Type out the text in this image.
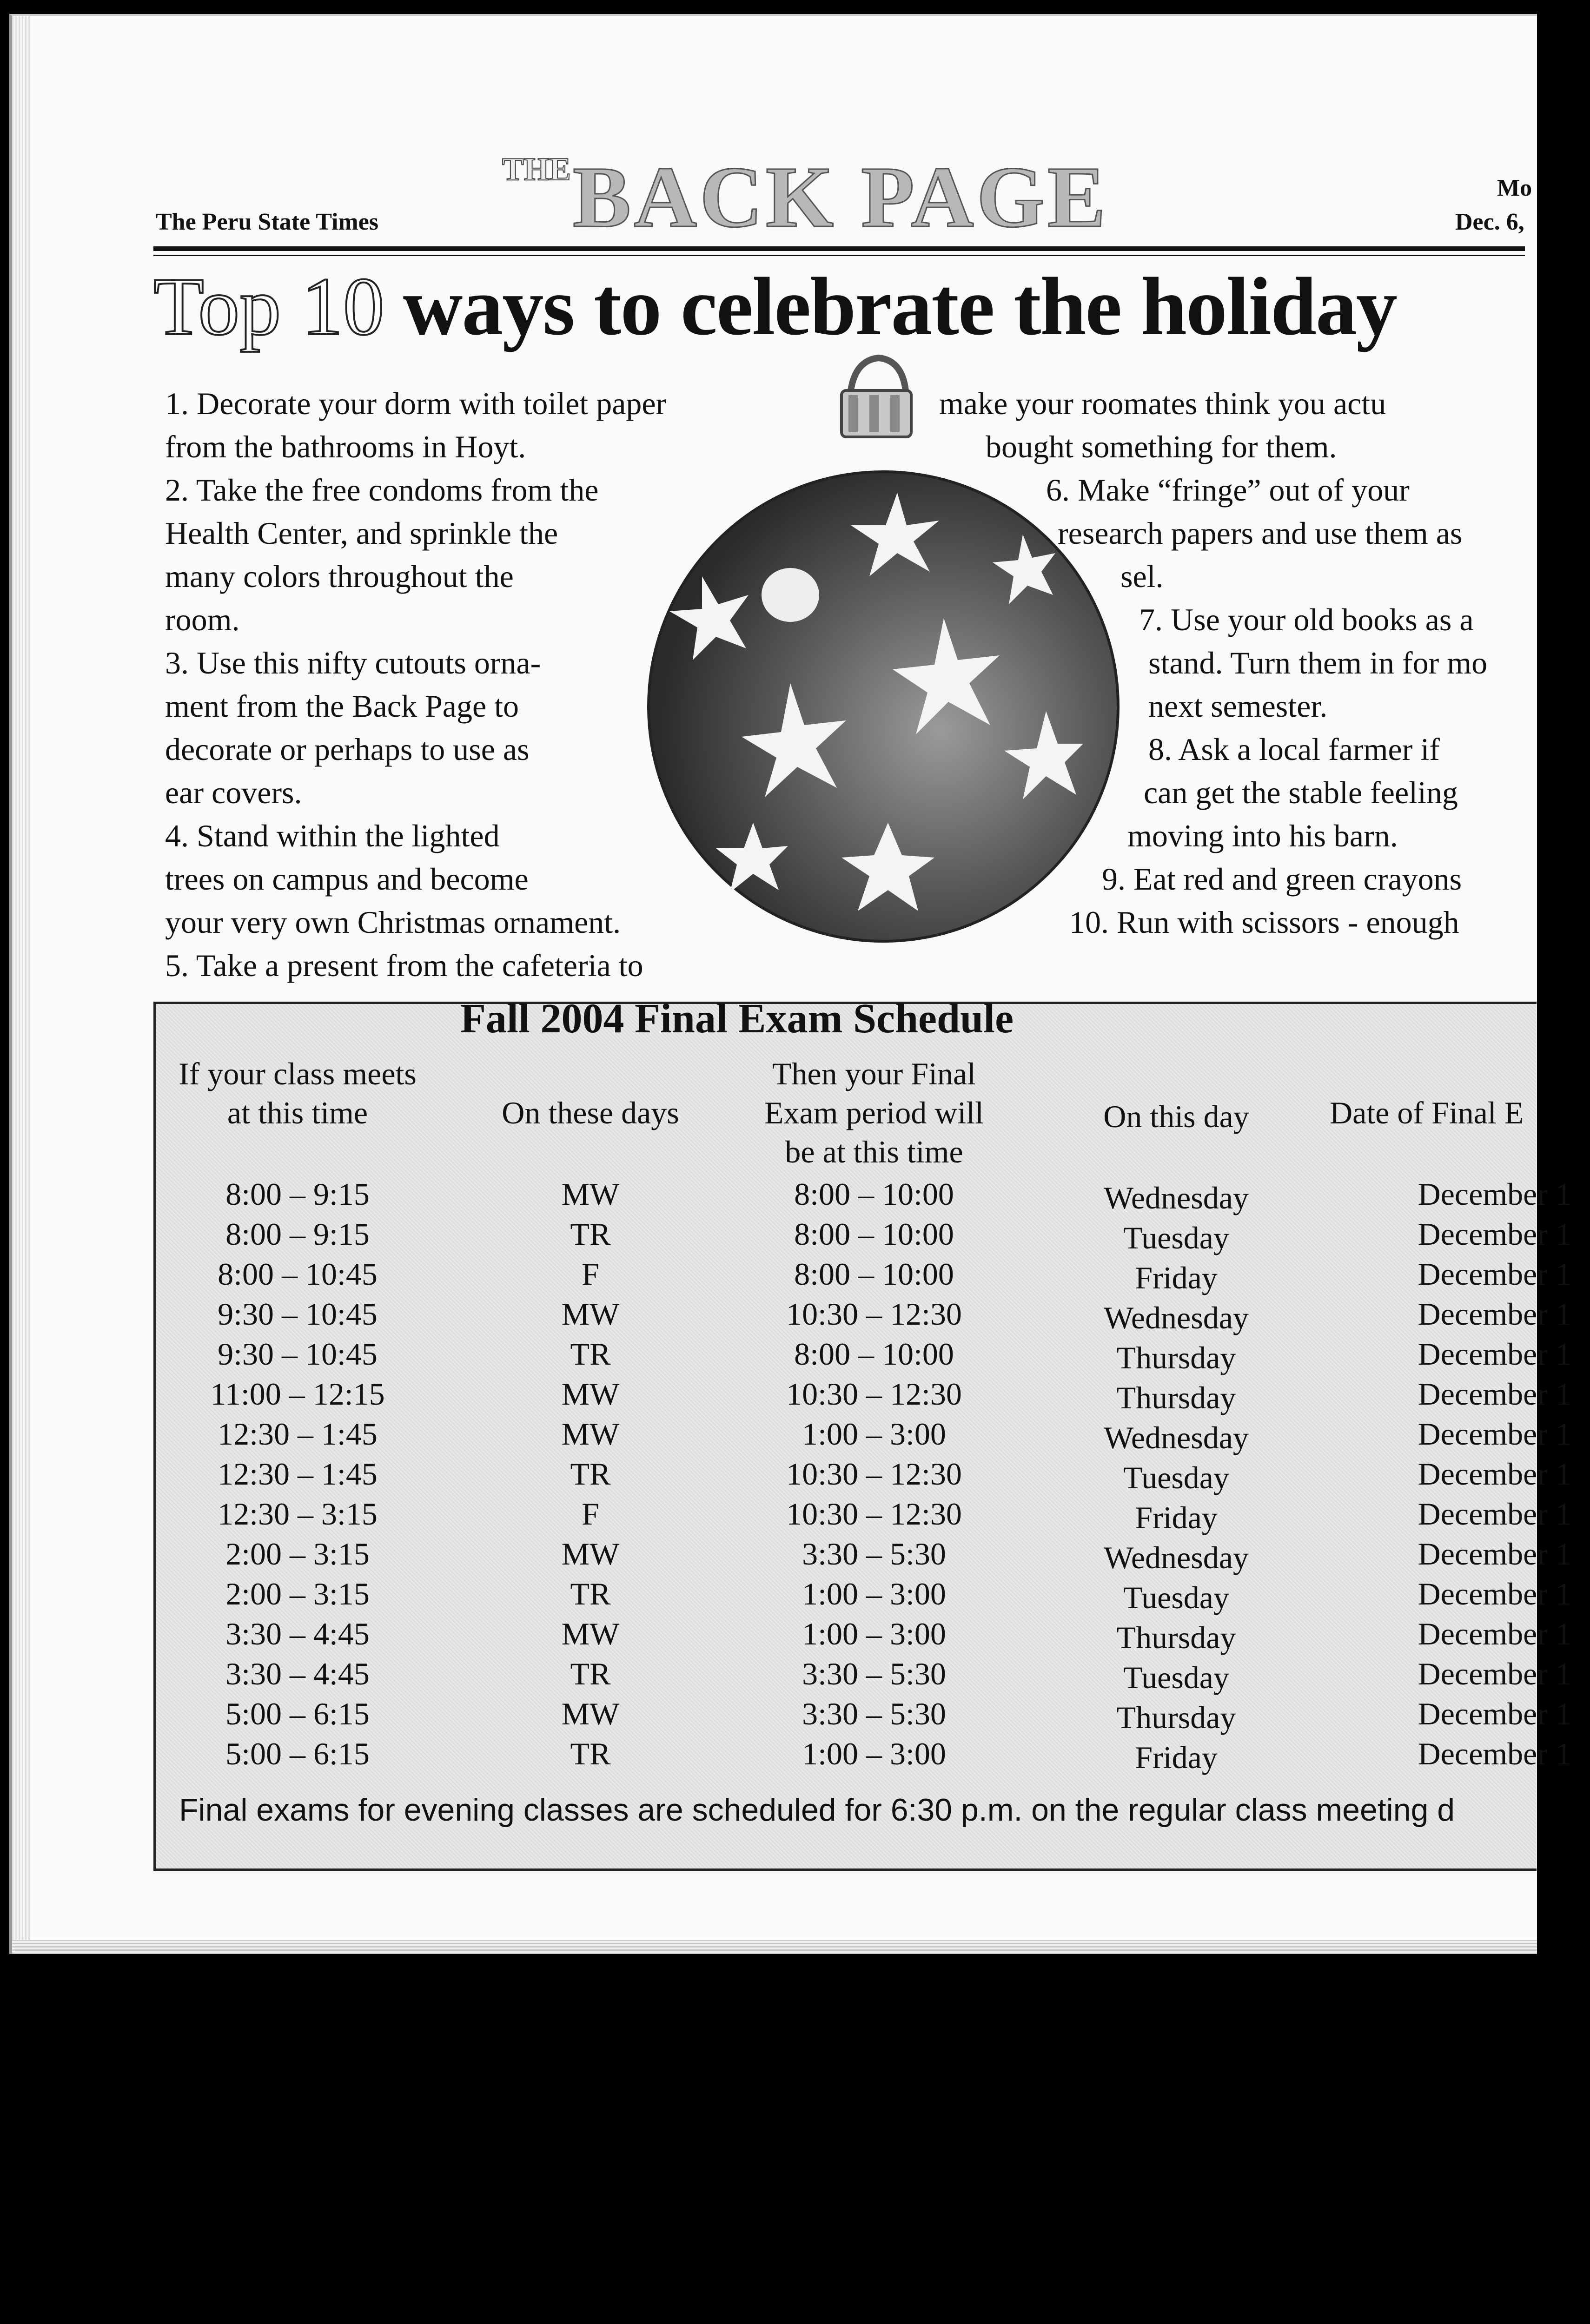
The Peru State Times
THEBACK PAGE	Mo
Dec. 6,
Top 10 ways to celebrate the holiday
1. Decorate your dorm with toilet paper
from the bathrooms in Hoyt.
2. Take the free condoms from the
Health Center, and sprinkle the
many colors throughout the
room.
3. Use this nifty cutouts orna-
ment from the Back Page to
decorate or perhaps to use as
ear covers.
4. Stand within the lighted
trees on campus and become
your very own Christmas ornament.
5. Take a present from the cafeteria to
make your roomates think you actu
bought something for them.
6. Make “fringe” out of your
research papers and use them as
sel.
7. Use your old books as a
stand. Turn them in for mo
next semester.
8. Ask a local farmer if
can get the stable feeling
moving into his barn.
9. Eat red and green crayons
10. Run with scissors - enough
Fall 2004 Final Exam Schedule
If your class meets
at this time	On these days
Then your Final
Exam period will
be at this time
On this day	Date of Final E
8:00 – 9:15	MW	8:00 – 10:00	Wednesday	December 1
8:00 – 9:15	TR	8:00 – 10:00	Tuesday	December 1
8:00 – 10:45	F	8:00 – 10:00	Friday	December 1
9:30 – 10:45	MW	10:30 – 12:30	Wednesday	December 1
9:30 – 10:45	TR	8:00 – 10:00	Thursday	December 1
11:00 – 12:15	MW	10:30 – 12:30	Thursday	December 1
12:30 – 1:45	MW	1:00 – 3:00	Wednesday	December 1
12:30 – 1:45	TR	10:30 – 12:30	Tuesday	December 1
12:30 – 3:15	F	10:30 – 12:30	Friday	December 1
2:00 – 3:15	MW	3:30 – 5:30	Wednesday	December 1
2:00 – 3:15	TR	1:00 – 3:00	Tuesday	December 1
3:30 – 4:45	MW	1:00 – 3:00	Thursday	December 1
3:30 – 4:45	TR	3:30 – 5:30	Tuesday	December 1
5:00 – 6:15	MW	3:30 – 5:30	Thursday	December 1
5:00 – 6:15	TR	1:00 – 3:00	Friday	December 1
Final exams for evening classes are scheduled for 6:30 p.m. on the regular class meeting d
